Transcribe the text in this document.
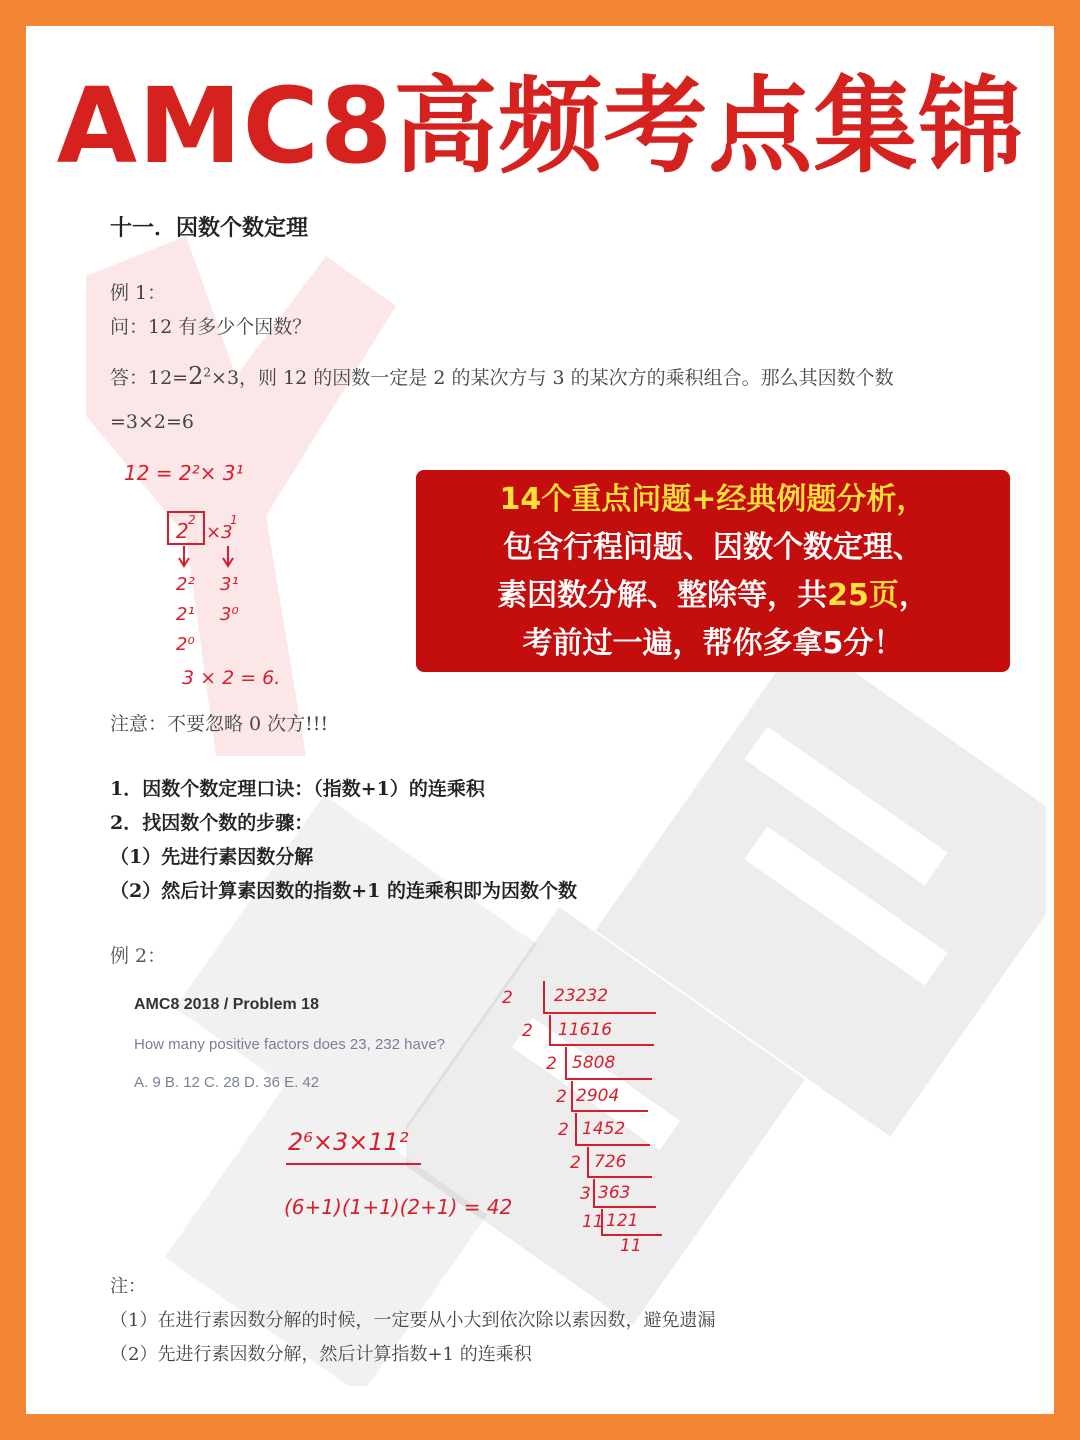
AMC8高频考点集锦
十一．因数个数定理
例 1：
问：12 有多少个因数？
答：$12=2^2\times 3$，则 12 的因数一定是 2 的某次方与 3 的某次方的乘积组合。那么其因数个数
=3×2=6
12 = 2²× 3¹
2 2
×3
1
2²
2¹
2⁰
3¹
3⁰
3 × 2 = 6.
14个重点问题+经典例题分析，
包含行程问题、因数个数定理、
素因数分解、整除等，共25页，
考前过一遍，帮你多拿5分！
注意：不要忽略 0 次方!!!
1．因数个数定理口诀：（指数+1）的连乘积
2．找因数个数的步骤：
（1）先进行素因数分解
（2）然后计算素因数的指数+1 的连乘积即为因数个数
例 2：
AMC8 2018 / Problem 18
How many positive factors does 23, 232 have?
A. 9 B. 12 C. 28 D. 36 E. 42
2⁶×3×11²
(6+1)(1+1)(2+1) = 42
2
2
2
2
2
2
3
11
23232
11616
5808
2904
1452
726
363
121
11
注：
（1）在进行素因数分解的时候，一定要从小大到依次除以素因数，避免遗漏
（2）先进行素因数分解，然后计算指数+1 的连乘积
